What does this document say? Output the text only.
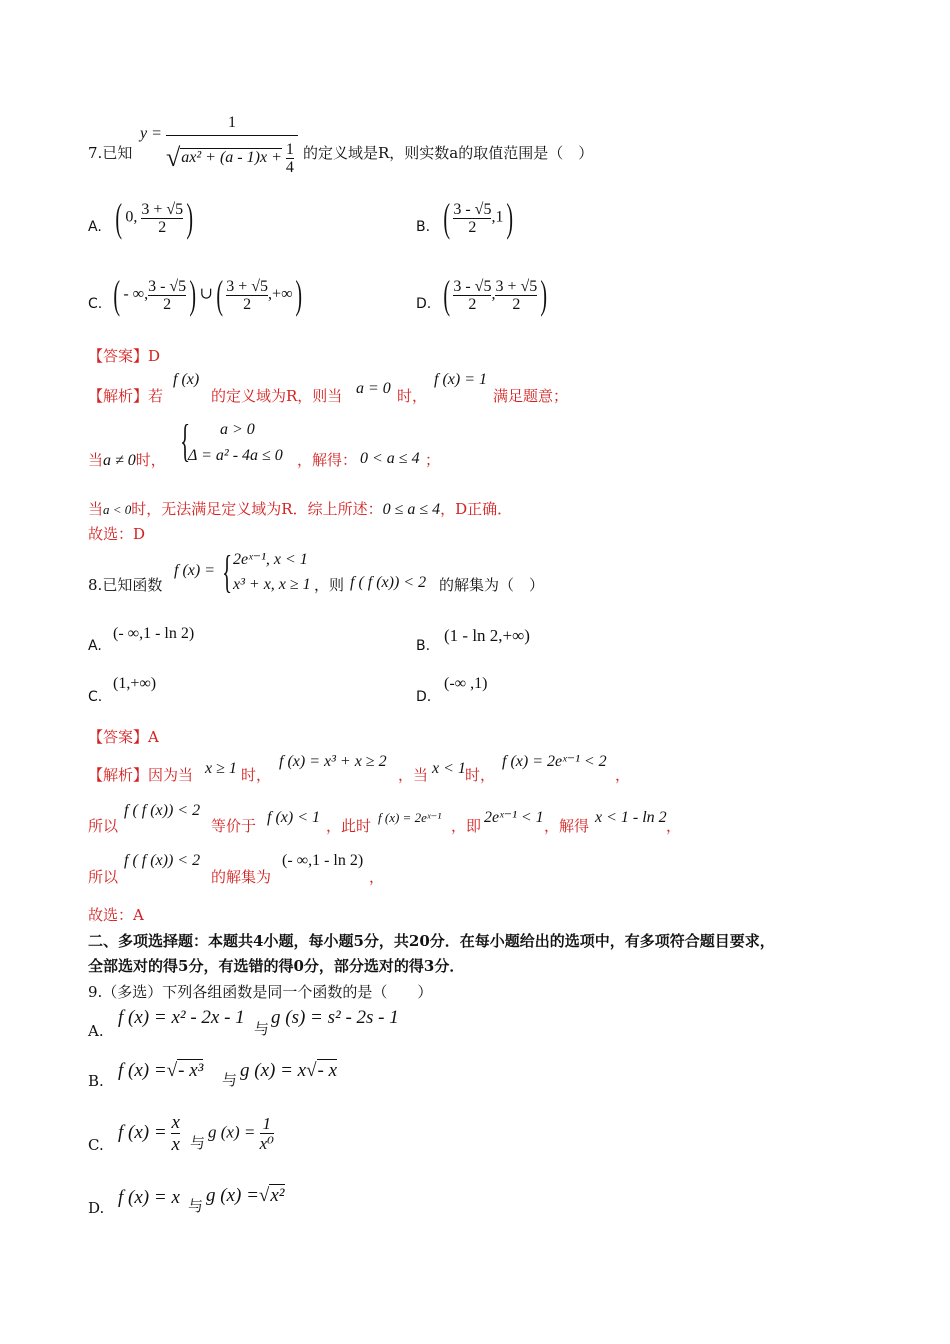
7.已知
y =
1
$√ax^2 + (a - 1)x + \frac{1}{4}$ 的定义域是R，则实数a的取值范围是（　）
A. ( 0, $\frac{3 + √5}{2}$ )	B. ( $\frac{3 - √5}{2} ,1$)
C. ( - ∞, $\frac{3 - √5}{2}$ ) ∪( $\frac{3 + √5}{2}$ ,+∞)	D. ( $\frac{3 - √5}{2}$ , $\frac{3 + √5}{2}$ )
【答案】D
【解析】若
f (x)
的定义域为R，则当 a = 0 时，
f (x) = 1
满足题意；
当a ≠ 0时， {	a > 0
Δ = a² - 4a ≤ 0 ，解得： 0 < a ≤ 4 ；
当a < 0时，无法满足定义域为R．综上所述：0 ≤ a ≤ 4，D正确．
故选：D
8.已知函数
f (x) = { 2eˣ⁻¹, x < 1
x³ + x, x ≥ 1 ，则 f ( f (x)) < 2 的解集为（　）
A.
(- ∞,1 - ln 2)
B.
(1 - ln 2,+∞)
C.
(1,+∞)
D.
(-∞ ,1)
【答案】A
【解析】因为当 x ≥ 1 时，
f (x) = x³ + x ≥ 2
，当 x < 1 时，
f (x) = 2eˣ⁻¹ < 2
，
所以
f ( f (x)) < 2
等价于 f (x) < 1 ，此时 f (x) = 2eˣ⁻¹ ，即 2eˣ⁻¹ < 1 ，解得 x < 1 - ln 2 ，
所以
f ( f (x)) < 2
的解集为
(- ∞,1 - ln 2)
，
故选：A
二、多项选择题：本题共4小题，每小题5分，共20分．在每小题给出的选项中，有多项符合题目要求，
全部选对的得5分，有选错的得0分，部分选对的得3分．
9.（多选）下列各组函数是同一个函数的是（　　）
A.
f (x) = x² - 2x - 1
与
g (s) = s² - 2s - 1
B. f (x) =√- x³ 与 g (x) = x√- x
C.
f $(x) = \frac{x}{x}$ 与
g $(x) = \frac{1}{\text{x⁰}}$
D. f (x) = x 与 g (x) =√x²
